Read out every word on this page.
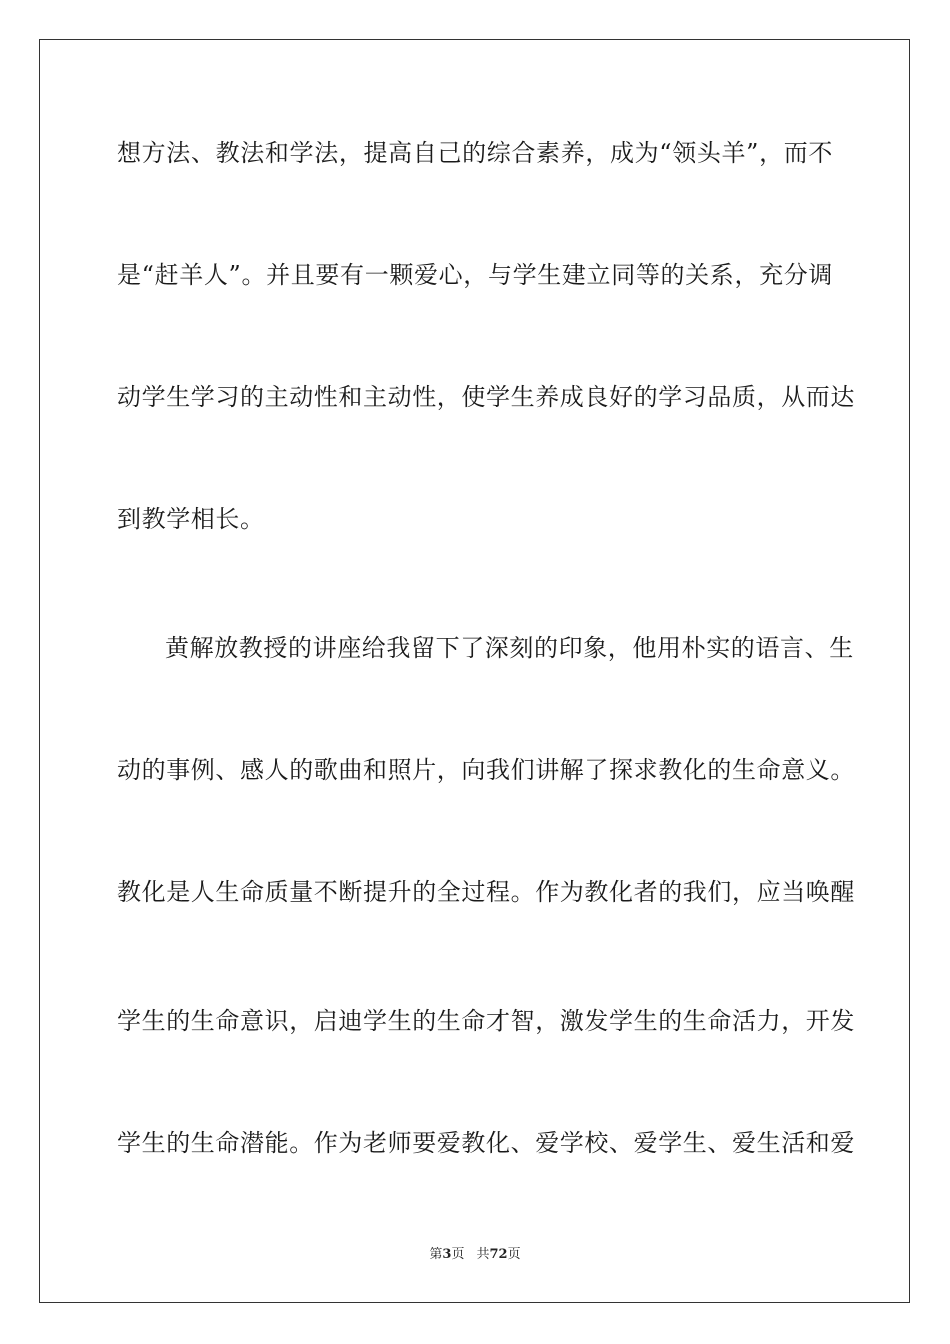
想方法、教法和学法，提高自己的综合素养，成为“领头羊”，而不
是“赶羊人”。并且要有一颗爱心，与学生建立同等的关系，充分调
动学生学习的主动性和主动性，使学生养成良好的学习品质，从而达
到教学相长。
黄解放教授的讲座给我留下了深刻的印象，他用朴实的语言、生
动的事例、感人的歌曲和照片，向我们讲解了探求教化的生命意义。
教化是人生命质量不断提升的全过程。作为教化者的我们，应当唤醒
学生的生命意识，启迪学生的生命才智，激发学生的生命活力，开发
学生的生命潜能。作为老师要爱教化、爱学校、爱学生、爱生活和爱
第3页 共72页
